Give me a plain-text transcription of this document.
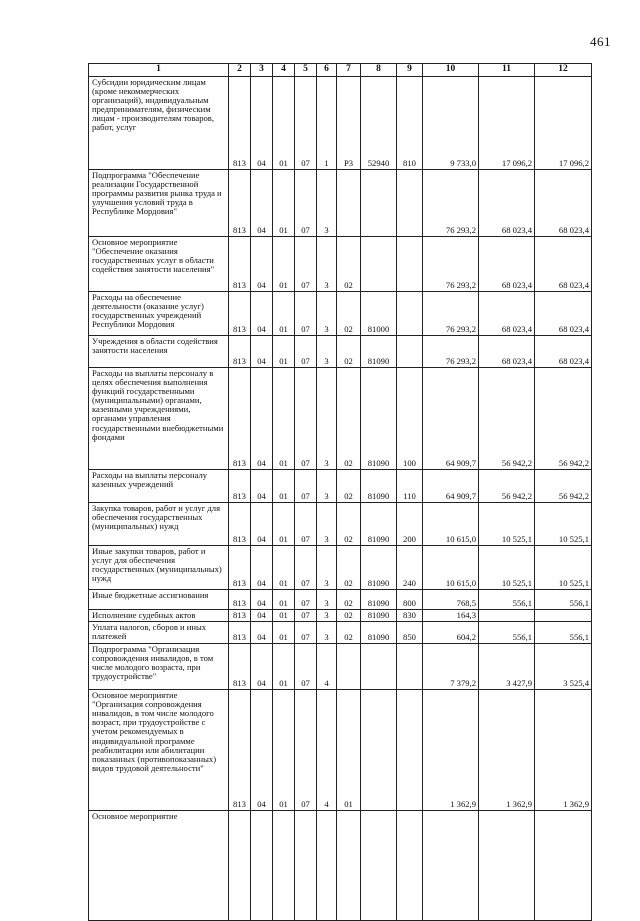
461
1	2	3	4	5	6	7	8	9	10	11	12
Субсидии юридическим лицам (кроме некоммерческих организаций), индивидуальным предпринимателям, физическим лицам - производителям товаров, работ, услуг	813	04	01	07	1	Р3	52940	810	9 733,0	17 096,2	17 096,2
Подпрограмма "Обеспечение реализации Государственной программы развития рынка труда и улучшения условий труда в Республике Мордовия"	813	04	01	07	3				76 293,2	68 023,4	68 023,4
Основное мероприятие "Обеспечение оказания государственных услуг в области содействия занятости населения"	813	04	01	07	3	02			76 293,2	68 023,4	68 023,4
Расходы на обеспечение деятельности (оказание услуг) государственных учреждений Республики Мордовия	813	04	01	07	3	02	81000		76 293,2	68 023,4	68 023,4
Учреждения в области содействия занятости населения	813	04	01	07	3	02	81090		76 293,2	68 023,4	68 023,4
Расходы на выплаты персоналу в целях обеспечения выполнения функций государственными (муниципальными) органами, казенными учреждениями, органами управления государственными внебюджетными фондами	813	04	01	07	3	02	81090	100	64 909,7	56 942,2	56 942,2
Расходы на выплаты персоналу казенных учреждений	813	04	01	07	3	02	81090	110	64 909,7	56 942,2	56 942,2
Закупка товаров, работ и услуг для обеспечения государственных (муниципальных) нужд	813	04	01	07	3	02	81090	200	10 615,0	10 525,1	10 525,1
Иные закупки товаров, работ и услуг для обеспечения государственных (муниципальных) нужд	813	04	01	07	3	02	81090	240	10 615,0	10 525,1	10 525,1
Иные бюджетные ассигнования	813	04	01	07	3	02	81090	800	768,5	556,1	556,1
Исполнение судебных актов	813	04	01	07	3	02	81090	830	164,3		
Уплата налогов, сборов и иных платежей	813	04	01	07	3	02	81090	850	604,2	556,1	556,1
Подпрограмма "Организация сопровождения инвалидов, в том числе молодого возраста, при трудоустройстве"	813	04	01	07	4				7 379,2	3 427,9	3 525,4
Основное мероприятие "Организация сопровождения инвалидов, в том числе молодого возраст, при трудоустройстве с учетом рекомендуемых в индивидуальной программе реабилитации или абилитации показанных (противопоказанных) видов трудовой деятельности"	813	04	01	07	4	01			1 362,9	1 362,9	1 362,9
Основное мероприятие											
